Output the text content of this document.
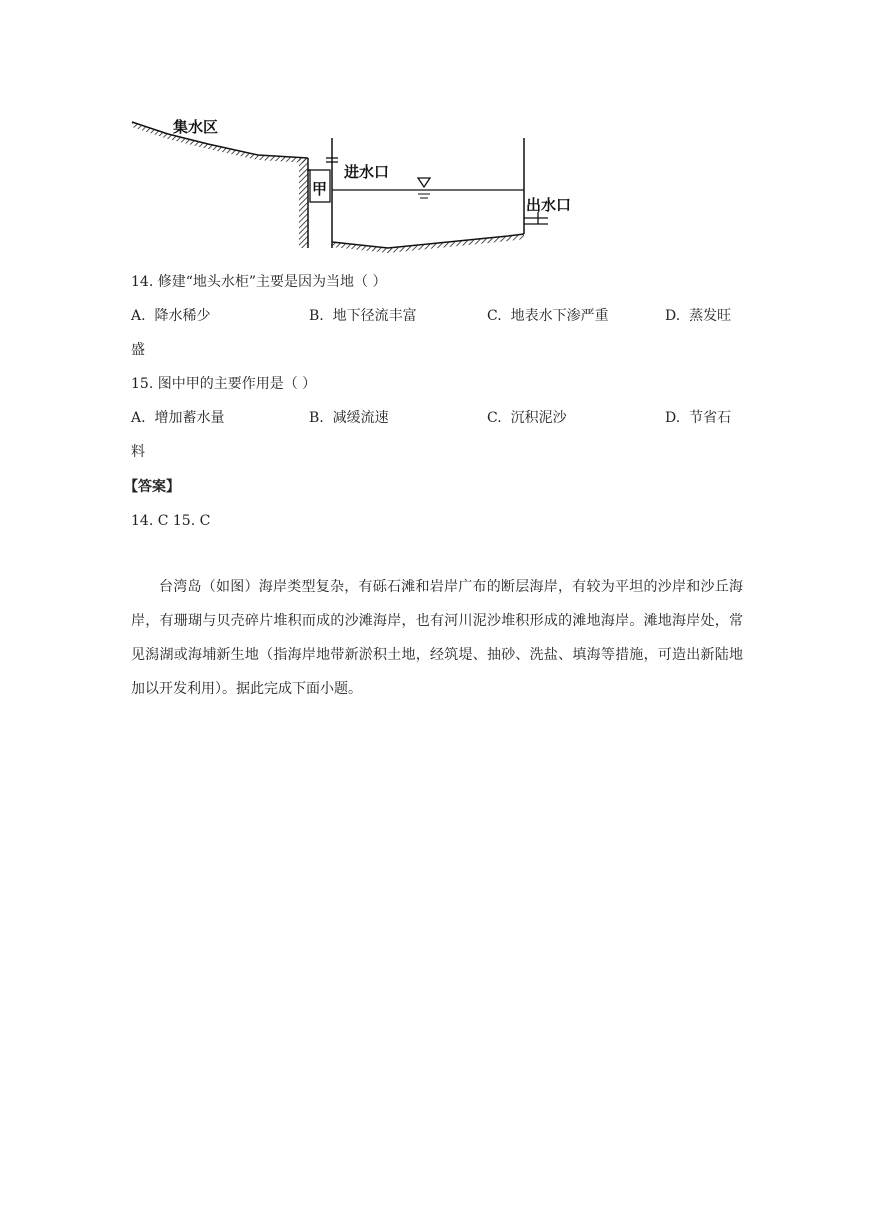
集水区
进水口
甲
出水口
14. 修建“地头水柜”主要是因为当地（ ）
A. 降水稀少	B. 地下径流丰富	C. 地表水下渗严重	D. 蒸发旺
盛
15. 图中甲的主要作用是（ ）
A. 增加蓄水量	B. 减缓流速	C. 沉积泥沙	D. 节省石
料
【答案】
14. C 15. C

台湾岛（如图）海岸类型复杂，有砾石滩和岩岸广布的断层海岸，有较为平坦的沙岸和沙丘海岸，有珊瑚与贝壳碎片堆积而成的沙滩海岸，也有河川泥沙堆积形成的滩地海岸。滩地海岸处，常见潟湖或海埔新生地（指海岸地带新淤积土地，经筑堤、抽砂、洗盐、填海等措施，可造出新陆地加以开发利用）。据此完成下面小题。
